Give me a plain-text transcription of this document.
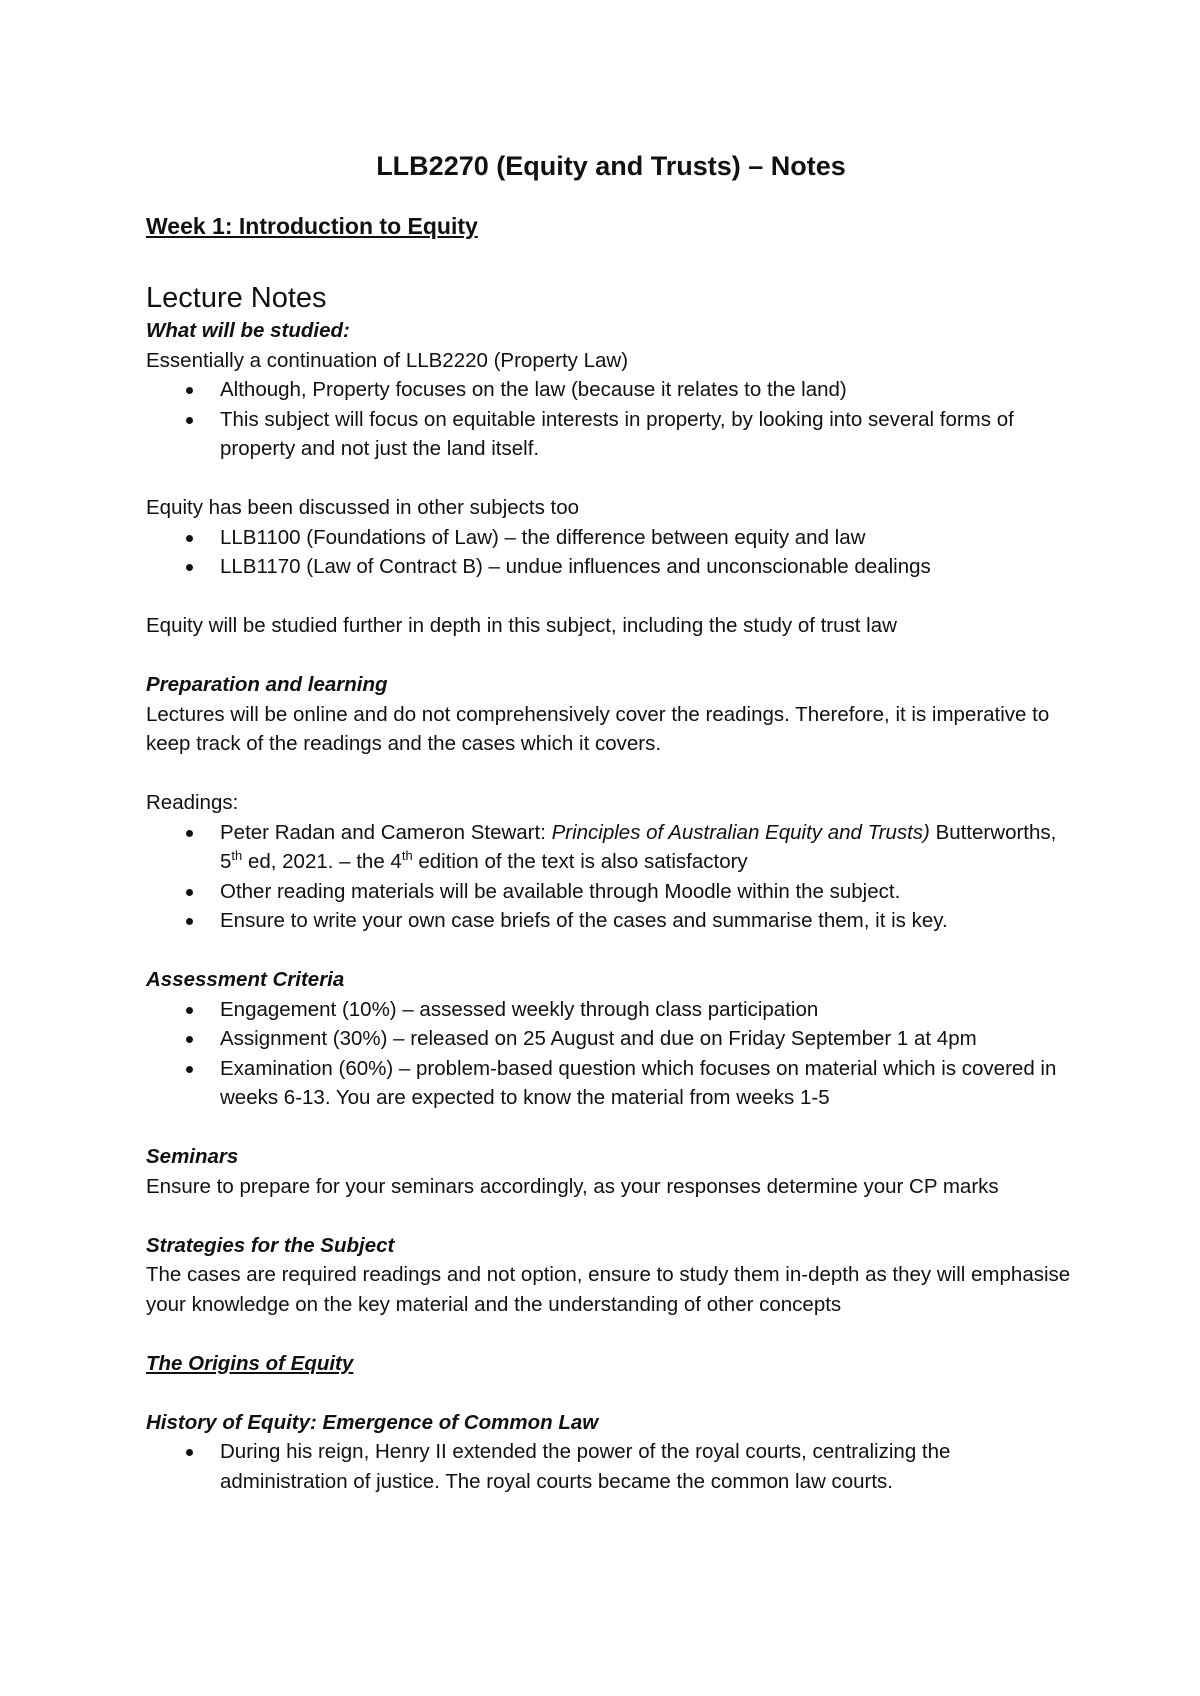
LLB2270 (Equity and Trusts) – Notes
Week 1: Introduction to Equity
Lecture Notes
What will be studied:

Essentially a continuation of LLB2220 (Property Law)

Although, Property focuses on the law (because it relates to the land)
This subject will focus on equitable interests in property, by looking into several forms of property and not just the land itself.

Equity has been discussed in other subjects too

LLB1100 (Foundations of Law) – the difference between equity and law
LLB1170 (Law of Contract B) – undue influences and unconscionable dealings

Equity will be studied further in depth in this subject, including the study of trust law

Preparation and learning

Lectures will be online and do not comprehensively cover the readings. Therefore, it is imperative to keep track of the readings and the cases which it covers.

Readings:

Peter Radan and Cameron Stewart: Principles of Australian Equity and Trusts) Butterworths, 5th ed, 2021. – the 4th edition of the text is also satisfactory
Other reading materials will be available through Moodle within the subject.
Ensure to write your own case briefs of the cases and summarise them, it is key.
Assessment Criteria
Engagement (10%) – assessed weekly through class participation
Assignment (30%) – released on 25 August and due on Friday September 1 at 4pm
Examination (60%) – problem-based question which focuses on material which is covered in weeks 6-13. You are expected to know the material from weeks 1-5
Seminars

Ensure to prepare for your seminars accordingly, as your responses determine your CP marks

Strategies for the Subject

The cases are required readings and not option, ensure to study them in-depth as they will emphasise your knowledge on the key material and the understanding of other concepts

The Origins of Equity
History of Equity: Emergence of Common Law
During his reign, Henry II extended the power of the royal courts, centralizing the administration of justice. The royal courts became the common law courts.
